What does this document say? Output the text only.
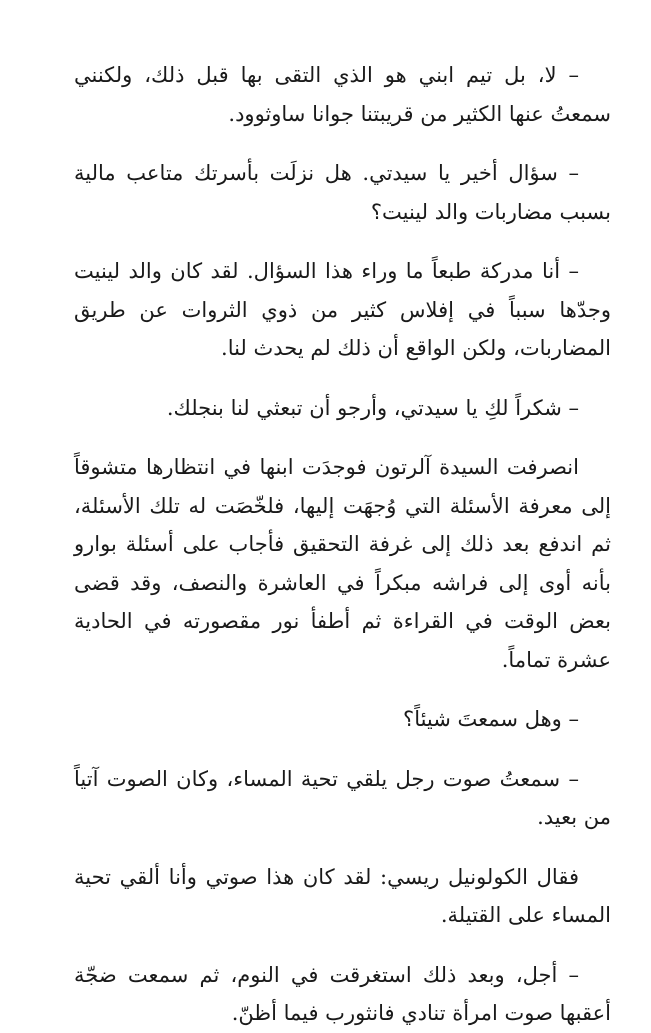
– لا، بل تيم ابني هو الذي التقى بها قبل ذلك، ولكنني سمعتُ عنها الكثير من قريبتنا جوانا ساوثوود.

– سؤال أخير يا سيدتي. هل نزلَت بأسرتك متاعب مالية بسبب مضاربات والد لينيت؟

– أنا مدركة طبعاً ما وراء هذا السؤال. لقد كان والد لينيت وجدّها سبباً في إفلاس كثير من ذوي الثروات عن طريق المضاربات، ولكن الواقع أن ذلك لم يحدث لنا.

– شكراً لكِ يا سيدتي، وأرجو أن تبعثي لنا بنجلك.

انصرفت السيدة آلرتون فوجدَت ابنها في انتظارها متشوقاً إلى معرفة الأسئلة التي وُجهَت إليها، فلخّصَت له تلك الأسئلة، ثم اندفع بعد ذلك إلى غرفة التحقيق فأجاب على أسئلة بوارو بأنه أوى إلى فراشه مبكراً في العاشرة والنصف، وقد قضى بعض الوقت في القراءة ثم أطفأ نور مقصورته في الحادية عشرة تماماً.

– وهل سمعتَ شيئاً؟

– سمعتُ صوت رجل يلقي تحية المساء، وكان الصوت آتياً من بعيد.

فقال الكولونيل ريسي: لقد كان هذا صوتي وأنا ألقي تحية المساء على القتيلة.

– أجل، وبعد ذلك استغرقت في النوم، ثم سمعت ضجّة أعقبها صوت امرأة تنادي فانثورب فيما أظنّ.
